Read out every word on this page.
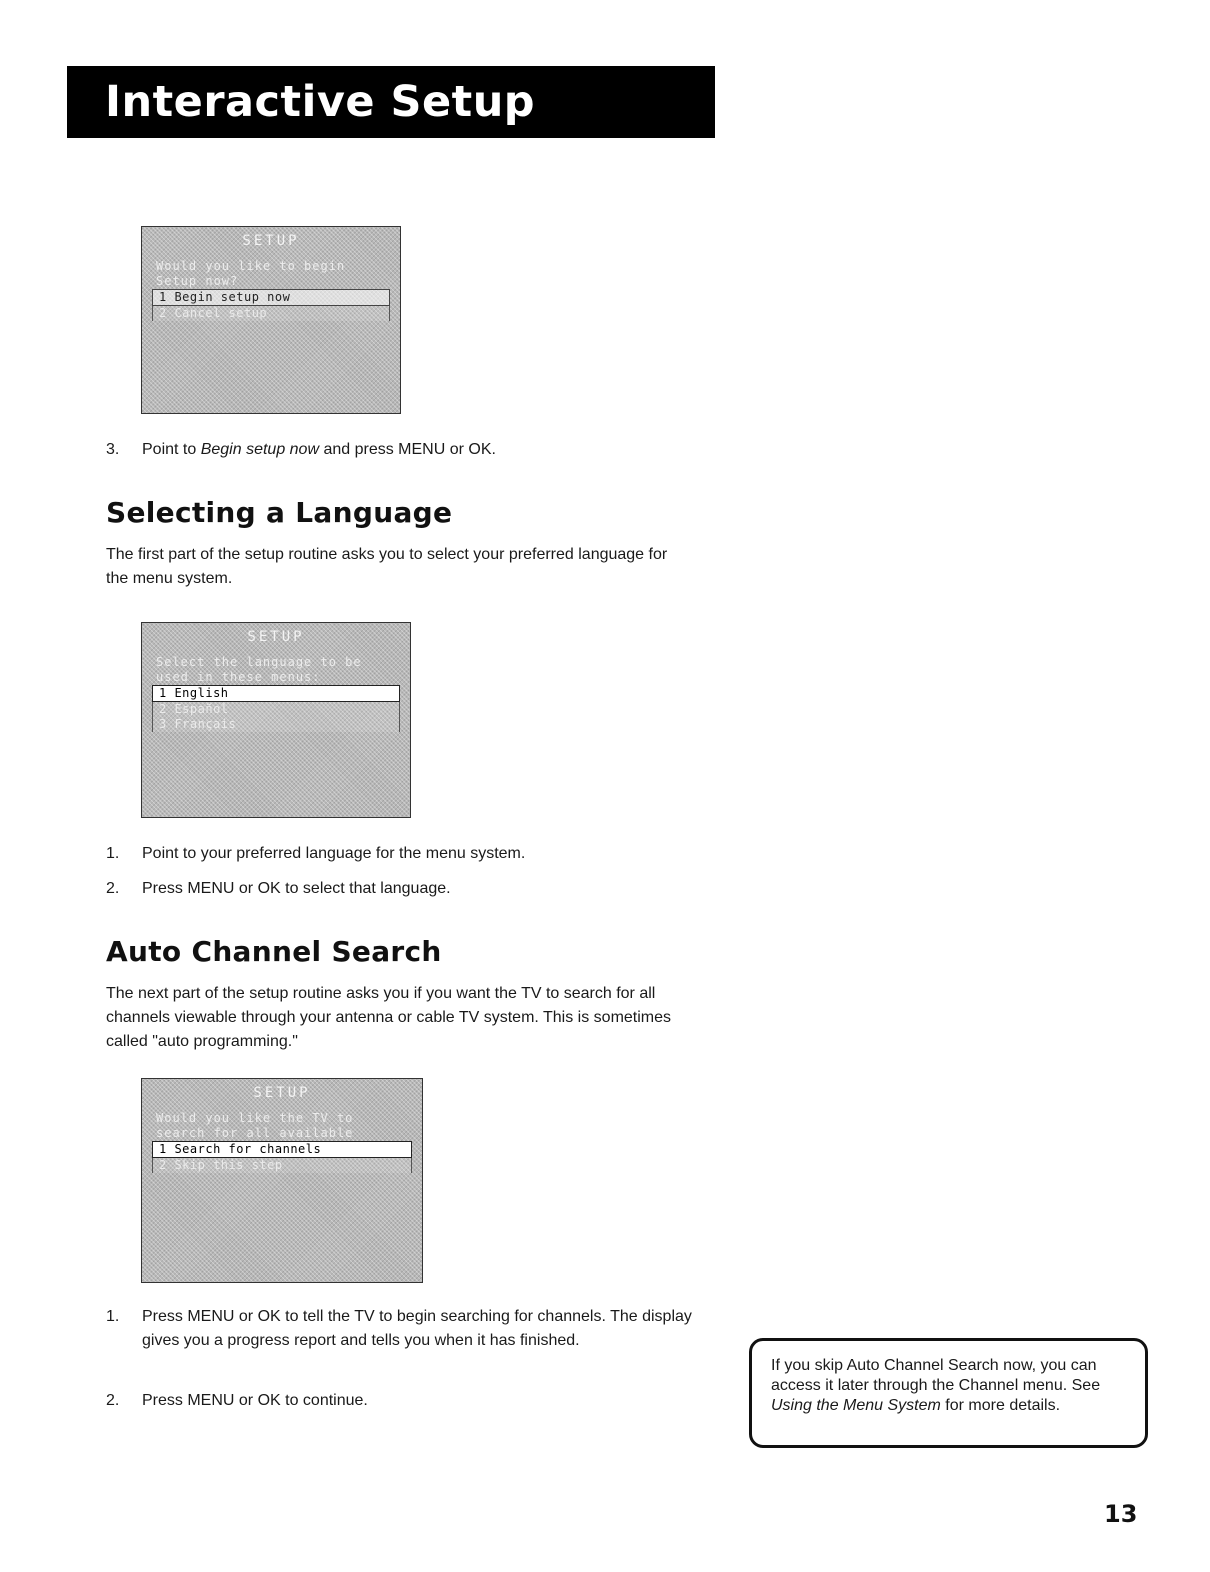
Interactive Setup
SETUP
Would you like to begin Setup now?
1 Begin setup now
2 Cancel setup
3. Point to Begin setup now and press MENU or OK.
Selecting a Language
The first part of the setup routine asks you to select your preferred language for the menu system.
SETUP
Select the language to be used in these menus:
1 English
2 Español
3 Français
1. Point to your preferred language for the menu system.
2. Press MENU or OK to select that language.
Auto Channel Search
The next part of the setup routine asks you if you want the TV to search for all channels viewable through your antenna or cable TV system. This is sometimes called "auto programming."
SETUP
Would you like the TV to search for all available
1 Search for channels
2 Skip this step
1. Press MENU or OK to tell the TV to begin searching for channels. The display gives you a progress report and tells you when it has finished.
2. Press MENU or OK to continue.
If you skip Auto Channel Search now, you can access it later through the Channel menu. See Using the Menu System for more details.
13
